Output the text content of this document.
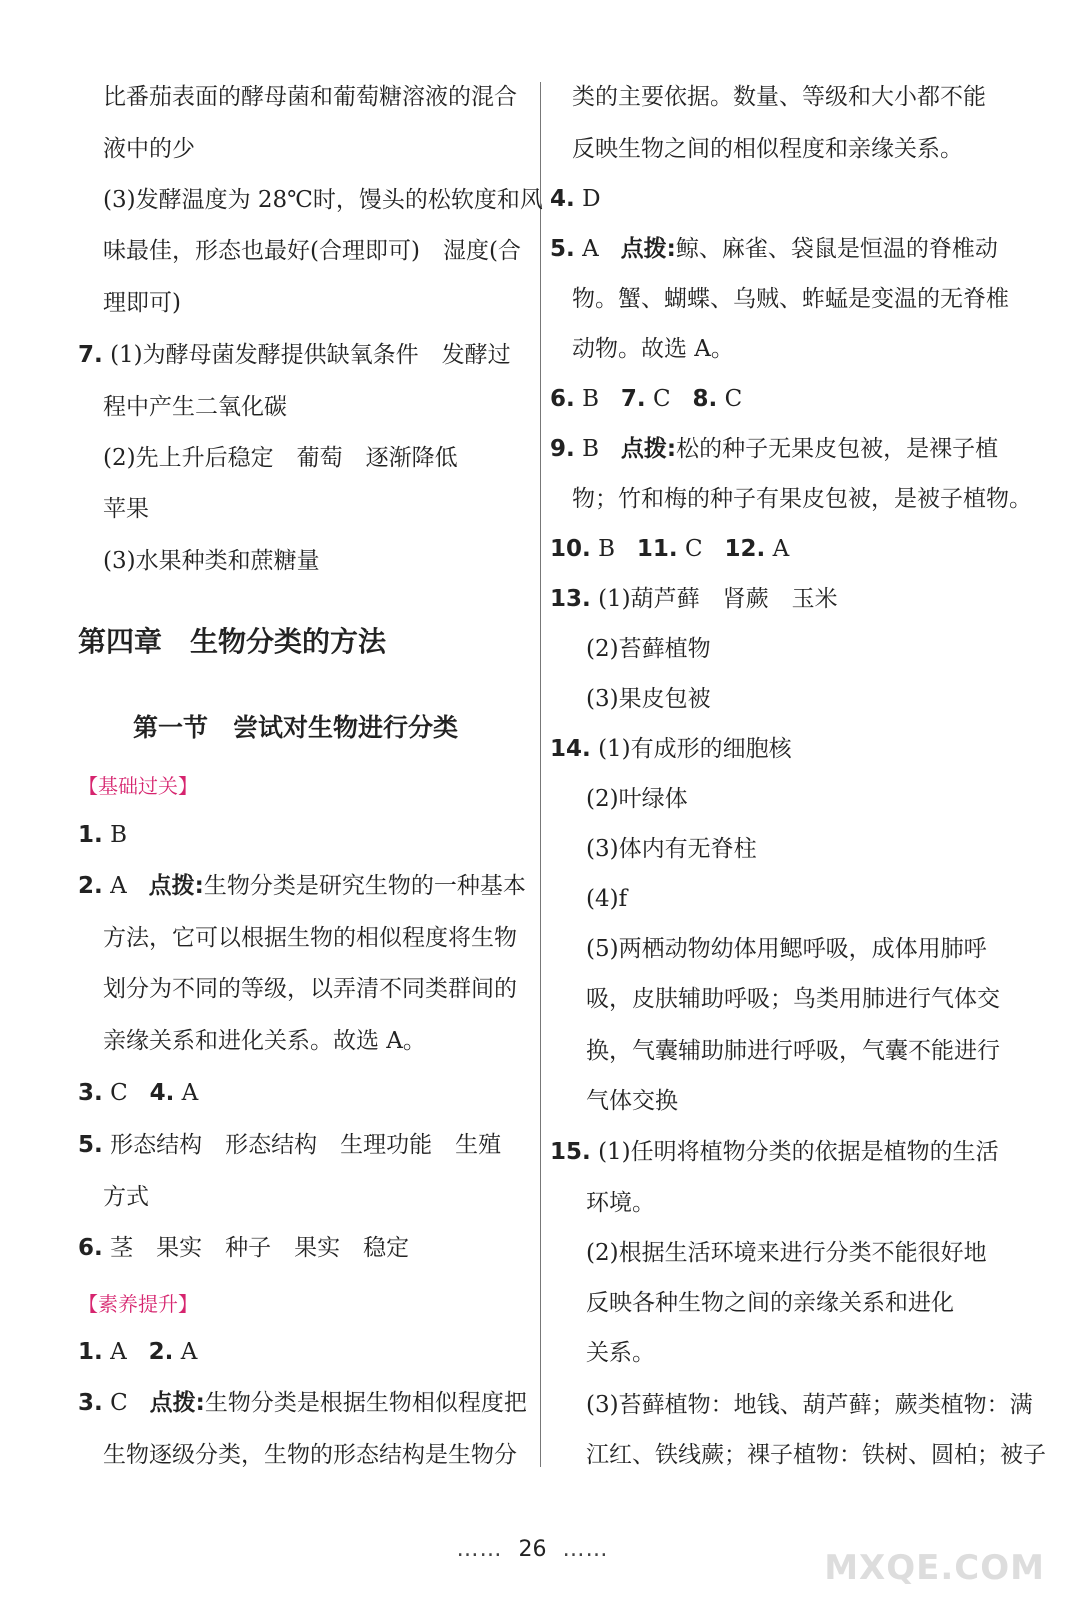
比番茄表面的酵母菌和葡萄糖溶液的混合
液中的少
(3)发酵温度为 28℃时，馒头的松软度和风
味最佳，形态也最好(合理即可)　湿度(合
理即可)
7. (1)为酵母菌发酵提供缺氧条件　发酵过
程中产生二氧化碳
(2)先上升后稳定　葡萄　逐渐降低
苹果
(3)水果种类和蔗糖量
第四章　生物分类的方法
第一节　尝试对生物进行分类
【基础过关】
1. B
2. A 点拨:生物分类是研究生物的一种基本
方法，它可以根据生物的相似程度将生物
划分为不同的等级，以弄清不同类群间的
亲缘关系和进化关系。故选 A。
3. C 4. A
5. 形态结构　形态结构　生理功能　生殖
方式
6. 茎　果实　种子　果实　稳定
【素养提升】
1. A 2. A
3. C 点拨:生物分类是根据生物相似程度把
生物逐级分类，生物的形态结构是生物分
类的主要依据。数量、等级和大小都不能
反映生物之间的相似程度和亲缘关系。
4. D
5. A 点拨:鲸、麻雀、袋鼠是恒温的脊椎动
物。蟹、蝴蝶、乌贼、蚱蜢是变温的无脊椎
动物。故选 A。
6. B 7. C 8. C
9. B 点拨:松的种子无果皮包被，是裸子植
物；竹和梅的种子有果皮包被，是被子植物。
10. B 11. C 12. A
13. (1)葫芦藓　肾蕨　玉米
(2)苔藓植物
(3)果皮包被
14. (1)有成形的细胞核
(2)叶绿体
(3)体内有无脊柱
(4)f
(5)两栖动物幼体用鳃呼吸，成体用肺呼
吸，皮肤辅助呼吸；鸟类用肺进行气体交
换，气囊辅助肺进行呼吸，气囊不能进行
气体交换
15. (1)任明将植物分类的依据是植物的生活
环境。
(2)根据生活环境来进行分类不能很好地
反映各种生物之间的亲缘关系和进化
关系。
(3)苔藓植物：地钱、葫芦藓；蕨类植物：满
江红、铁线蕨；裸子植物：铁树、圆柏；被子
…… 26 ……	MXQE.COM
